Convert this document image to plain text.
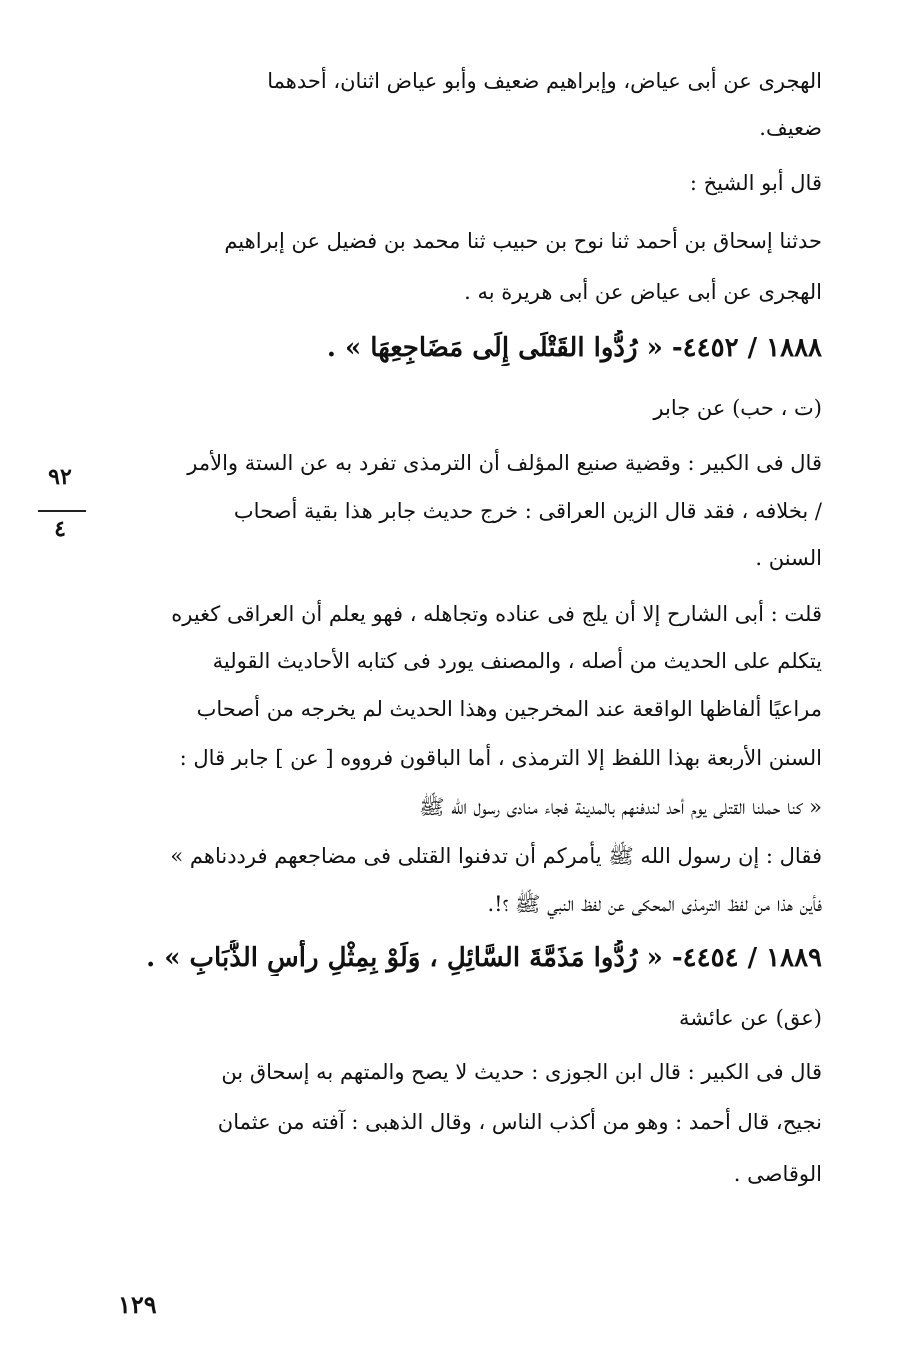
الهجرى عن أبى عياض، وإبراهيم ضعيف وأبو عياض اثنان، أحدهما
ضعيف.
قال أبو الشيخ :
حدثنا إسحاق بن أحمد ثنا نوح بن حبيب ثنا محمد بن فضيل عن إبراهيم
الهجرى عن أبى عياض عن أبى هريرة به .
١٨٨٨ / ٤٤٥٢- « رُدُّوا القَتْلَى إِلَى مَضَاجِعِهَا » .
(ت ، حب) عن جابر
قال فى الكبير : وقضية صنيع المؤلف أن الترمذى تفرد به عن الستة والأمر
/ بخلافه ، فقد قال الزين العراقى : خرج حديث جابر هذا بقية أصحاب
السنن .
قلت : أبى الشارح إلا أن يلج فى عناده وتجاهله ، فهو يعلم أن العراقى كغيره
يتكلم على الحديث من أصله ، والمصنف يورد فى كتابه الأحاديث القولية
مراعيًا ألفاظها الواقعة عند المخرجين وهذا الحديث لم يخرجه من أصحاب
السنن الأربعة بهذا اللفظ إلا الترمذى ، أما الباقون فرووه [ عن ] جابر قال :
« كنا حملنا القتلى يوم أحد لندفنهم بالمدينة فجاء منادى رسول الله ﷺ
فقال : إن رسول الله ﷺ يأمركم أن تدفنوا القتلى فى مضاجعهم فرددناهم »
فأين هذا من لفظ الترمذى المحكى عن لفظ النبي ﷺ ؟!.
١٨٨٩ / ٤٤٥٤- « رُدُّوا مَذَمَّةَ السَّائِلِ ، وَلَوْ بِمِثْلِ رأسِ الذُّبَابِ » .
(عق) عن عائشة
قال فى الكبير : قال ابن الجوزى : حديث لا يصح والمتهم به إسحاق بن
نجيح، قال أحمد : وهو من أكذب الناس ، وقال الذهبى : آفته من عثمان
الوقاصى .
٩٢
٤
١٢٩
